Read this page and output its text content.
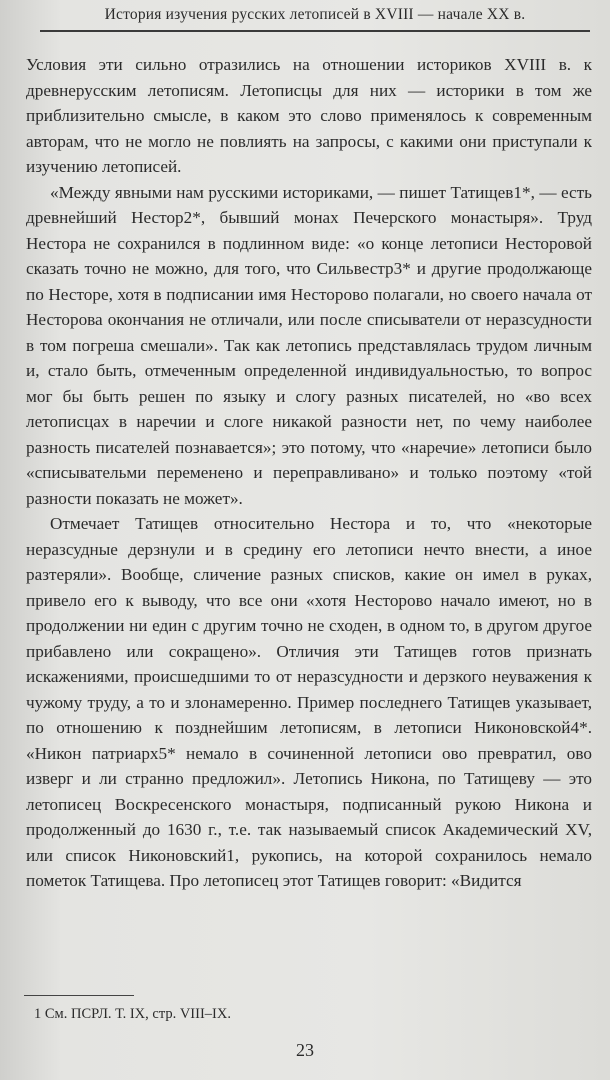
История изучения русских летописей в XVIII — начале XX в.

Условия эти сильно отразились на отношении историков XVIII в. к древнерусским летописям. Летописцы для них — историки в том же приблизительно смысле, в каком это слово применялось к современным авторам, что не могло не повлиять на запросы, с какими они приступали к изучению летописей.

«Между явными нам русскими историками, — пишет Татищев1*, — есть древнейший Нестор2*, бывший монах Печерского монастыря». Труд Нестора не сохранился в подлинном виде: «о конце летописи Несторовой сказать точно не можно, для того, что Сильвестр3* и другие продолжающе по Несторе, хотя в подписании имя Несторово полагали, но своего начала от Несторова окончания не отличали, или после списыватели от неразсудности в том погреша смешали». Так как летопись представлялась трудом личным и, стало быть, отмеченным определенной индивидуальностью, то вопрос мог бы быть решен по языку и слогу разных писателей, но «во всех летописцах в наречии и слоге никакой разности нет, по чему наиболее разность писателей познавается»; это потому, что «наречие» летописи было «списывательми переменено и переправливано» и только поэтому «той разности показать не может».

Отмечает Татищев относительно Нестора и то, что «некоторые неразсудные дерзнули и в средину его летописи нечто внести, а иное разтеряли». Вообще, сличение разных списков, какие он имел в руках, привело его к выводу, что все они «хотя Несторово начало имеют, но в продолжении ни един с другим точно не сходен, в одном то, в другом другое прибавлено или сокращено». Отличия эти Татищев готов признать искажениями, происшедшими то от неразсудности и дерзкого неуважения к чужому труду, а то и злонамеренно. Пример последнего Татищев указывает, по отношению к позднейшим летописям, в летописи Никоновской4*. «Никон патриарх5* немало в сочиненной летописи ово превратил, ово изверг и ли странно предложил». Летопись Никона, по Татищеву — это летописец Воскресенского монастыря, подписанный рукою Никона и продолженный до 1630 г., т.е. так называемый список Академический XV, или список Никоновский1, рукопись, на которой сохранилось немало пометок Татищева. Про летописец этот Татищев говорит: «Видится

1 См. ПСРЛ. Т. IX, стр. VIII–IX.
23
